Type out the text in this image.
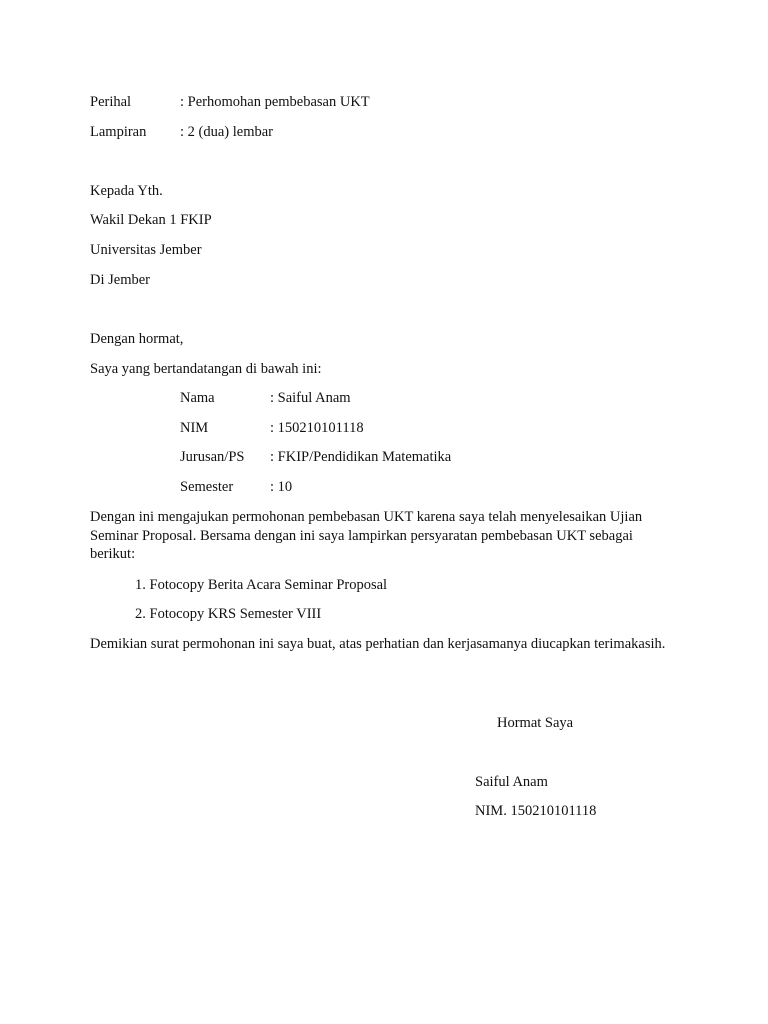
Perihal	: Perhomohan pembebasan UKT
Lampiran : 2 (dua) lembar
Kepada Yth.
Wakil Dekan 1 FKIP
Universitas Jember
Di Jember
Dengan hormat,
Saya yang bertandatangan di bawah ini:
Nama	: Saiful Anam
NIM	: 150210101118
Jurusan/PS : FKIP/Pendidikan Matematika
Semester	: 10
Dengan ini mengajukan permohonan pembebasan UKT karena saya telah menyelesaikan Ujian Seminar Proposal. Bersama dengan ini saya lampirkan persyaratan pembebasan UKT sebagai berikut:
1. Fotocopy Berita Acara Seminar Proposal
2. Fotocopy KRS Semester VIII
Demikian surat permohonan ini saya buat, atas perhatian dan kerjasamanya diucapkan terimakasih.
Hormat Saya
Saiful Anam
NIM. 150210101118
